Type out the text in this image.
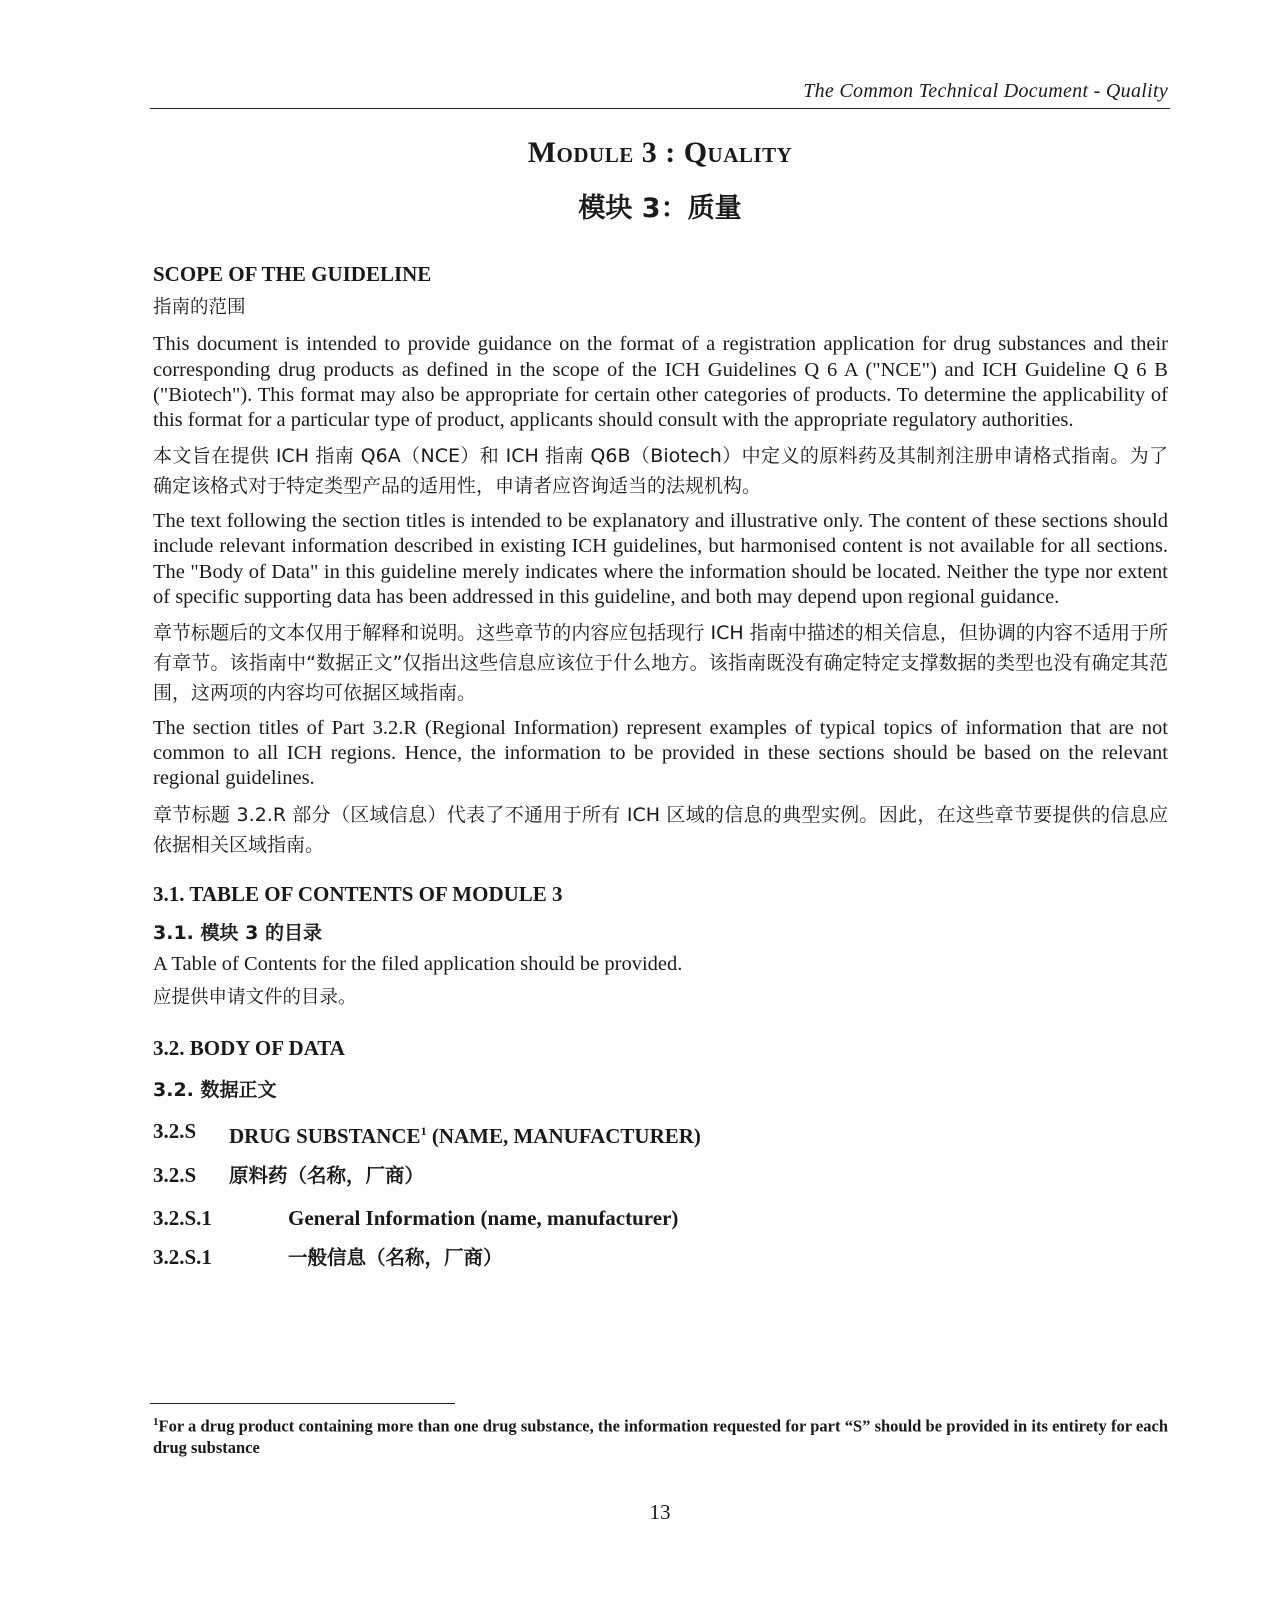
The Common Technical Document - Quality
Module 3 : Quality
模块 3：质量

SCOPE OF THE GUIDELINE

指南的范围

This document is intended to provide guidance on the format of a registration application for drug substances and their corresponding drug products as defined in the scope of the ICH Guidelines Q 6 A ("NCE") and ICH Guideline Q 6 B ("Biotech"). This format may also be appropriate for certain other categories of products. To determine the applicability of this format for a particular type of product, applicants should consult with the appropriate regulatory authorities.

本文旨在提供 ICH 指南 Q6A（NCE）和 ICH 指南 Q6B（Biotech）中定义的原料药及其制剂注册申请格式指南。为了确定该格式对于特定类型产品的适用性，申请者应咨询适当的法规机构。

The text following the section titles is intended to be explanatory and illustrative only. The content of these sections should include relevant information described in existing ICH guidelines, but harmonised content is not available for all sections. The "Body of Data" in this guideline merely indicates where the information should be located. Neither the type nor extent of specific supporting data has been addressed in this guideline, and both may depend upon regional guidance.

章节标题后的文本仅用于解释和说明。这些章节的内容应包括现行 ICH 指南中描述的相关信息，但协调的内容不适用于所有章节。该指南中“数据正文”仅指出这些信息应该位于什么地方。该指南既没有确定特定支撑数据的类型也没有确定其范围，这两项的内容均可依据区域指南。

The section titles of Part 3.2.R (Regional Information) represent examples of typical topics of information that are not common to all ICH regions. Hence, the information to be provided in these sections should be based on the relevant regional guidelines.

章节标题 3.2.R 部分（区域信息）代表了不通用于所有 ICH 区域的信息的典型实例。因此，在这些章节要提供的信息应依据相关区域指南。

3.1. TABLE OF CONTENTS OF MODULE 3

3.1. 模块 3 的目录

A Table of Contents for the filed application should be provided.

应提供申请文件的目录。

3.2. BODY OF DATA

3.2. 数据正文

3.2.S	DRUG SUBSTANCE$^1$ (NAME, MANUFACTURER)
3.2.S	原料药（名称，厂商）
3.2.S.1	General Information (name, manufacturer)
3.2.S.1	一般信息（名称，厂商）
$^1$For a drug product containing more than one drug substance, the information requested for part “S” should be provided in its entirety for each drug substance
13
